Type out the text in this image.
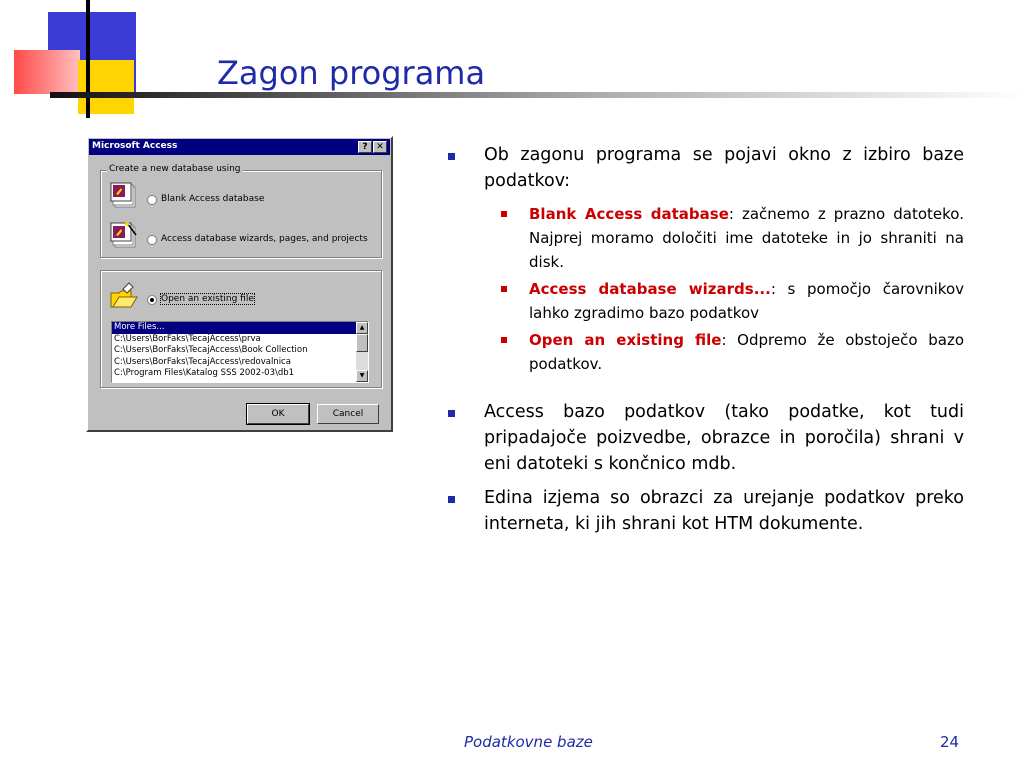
Zagon programa
Microsoft Access	? ✕
Create a new database using
Blank Access database
Access database wizards, pages, and projects
Open an existing file
More Files...
C:\Users\BorFaks\TecajAccess\prva
C:\Users\BorFaks\TecajAccess\Book Collection
C:\Users\BorFaks\TecajAccess\redovalnica
C:\Program Files\Katalog SSS 2002-03\db1
▲
▼
OK	Cancel
Ob zagonu programa se pojavi okno z izbiro baze podatkov:
Blank Access database: začnemo z prazno datoteko. Najprej moramo določiti ime datoteke in jo shraniti na disk.
Access database wizards...: s pomočjo čarovnikov lahko zgradimo bazo podatkov
Open an existing file: Odpremo že obstoječo bazo podatkov.
Access bazo podatkov (tako podatke, kot tudi pripadajoče poizvedbe, obrazce in poročila) shrani v eni datoteki s končnico mdb.
Edina izjema so obrazci za urejanje podatkov preko interneta, ki jih shrani kot HTM dokumente.
Podatkovne baze	24
